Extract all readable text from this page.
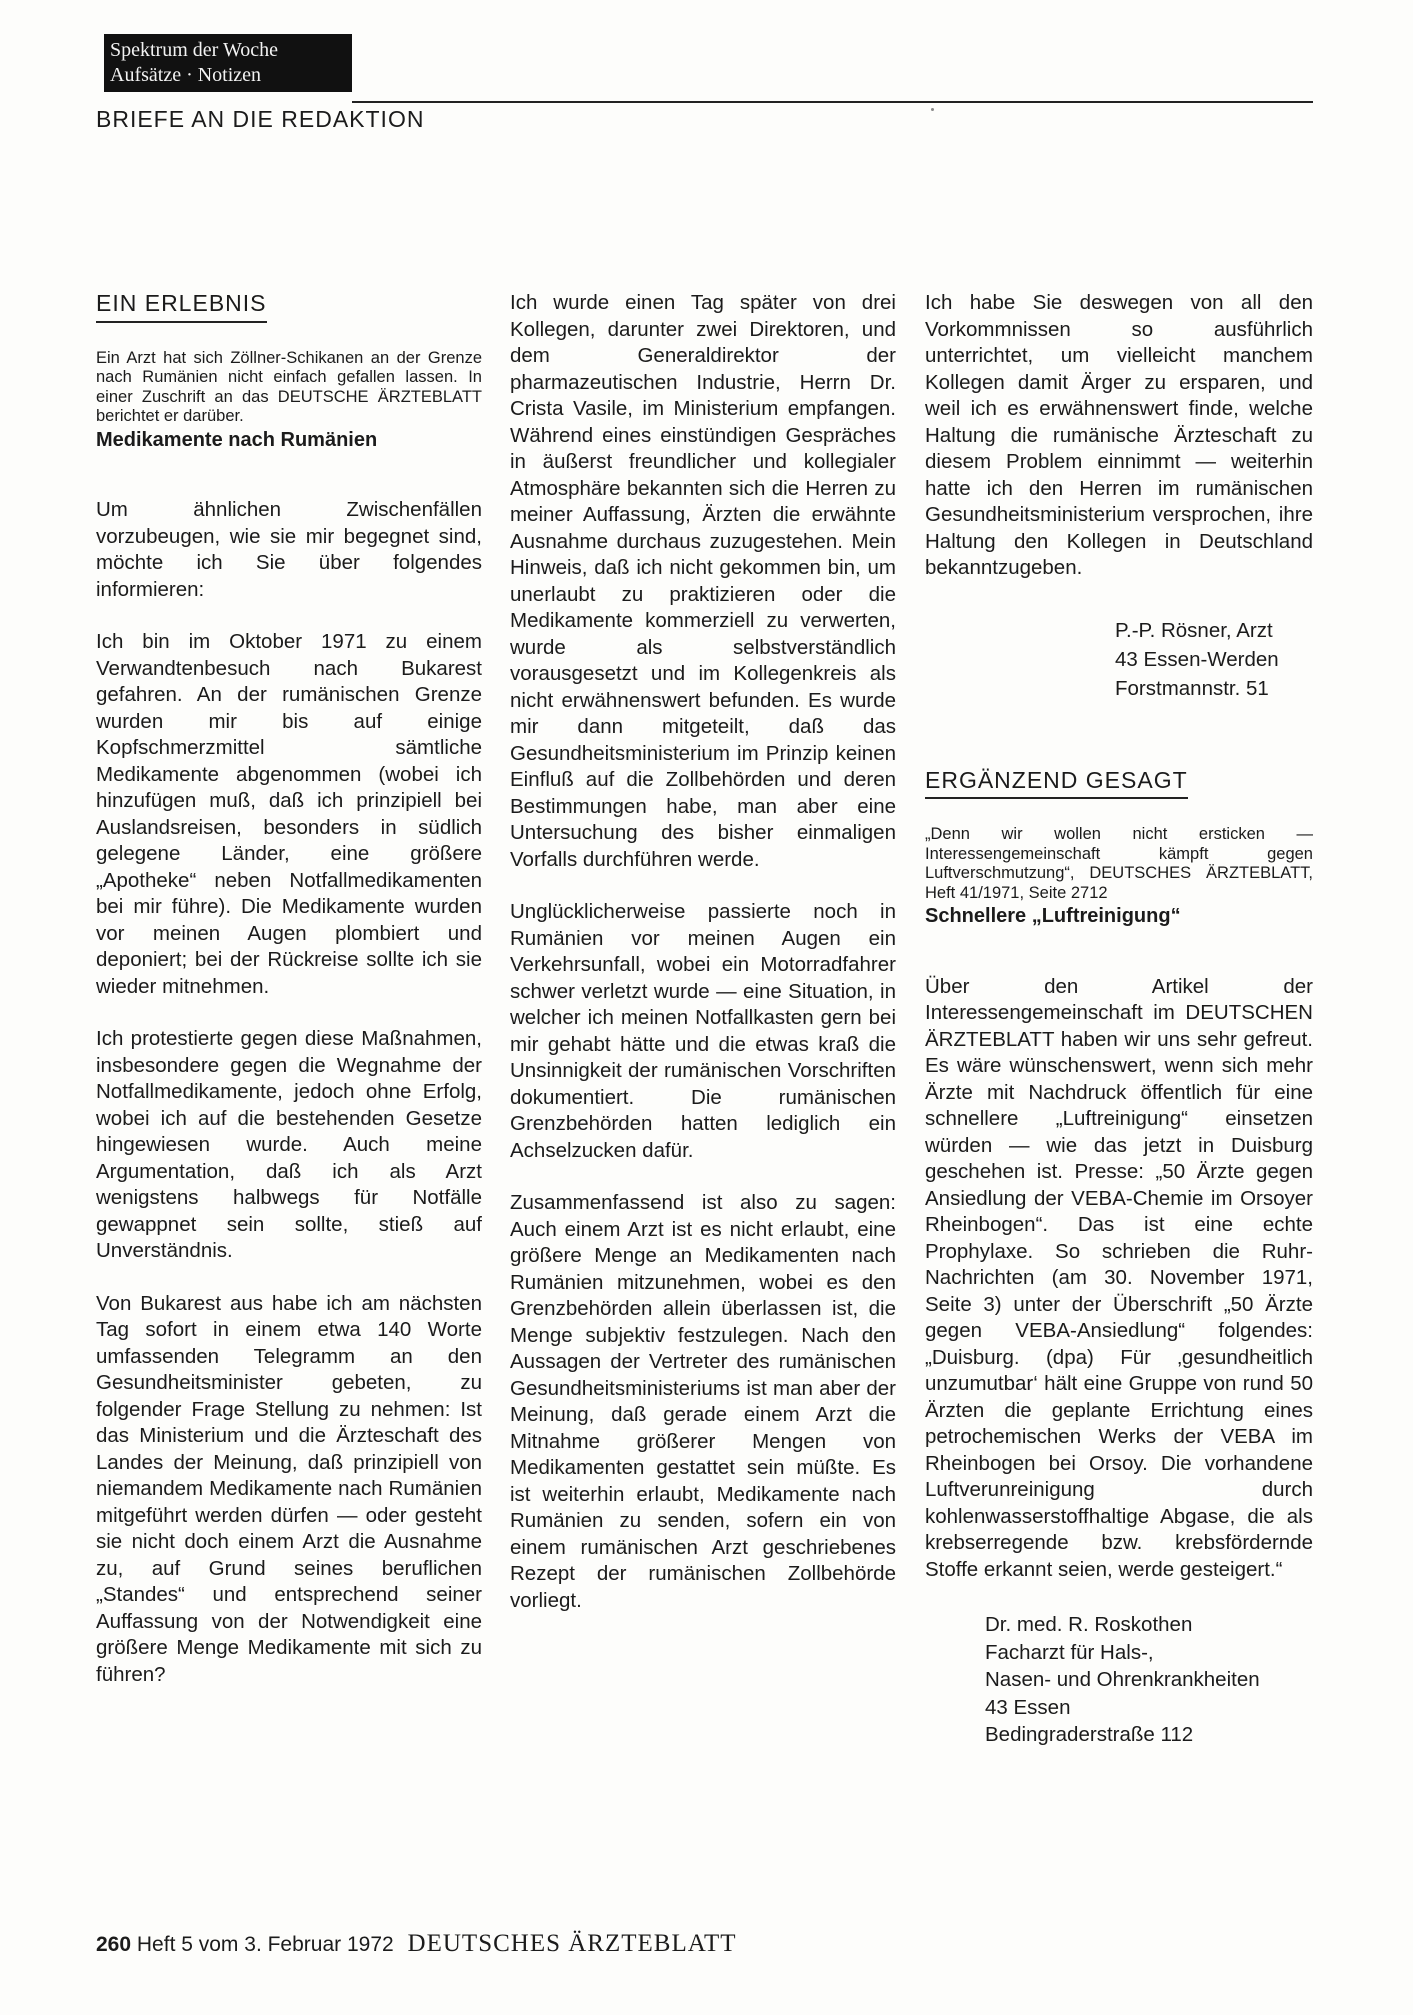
Spektrum der Woche
Aufsätze · Notizen
BRIEFE AN DIE REDAKTION
EIN ERLEBNIS

Ein Arzt hat sich Zöllner-Schikanen an der Grenze nach Rumänien nicht einfach gefallen lassen. In einer Zuschrift an das DEUTSCHE ÄRZTEBLATT berichtet er darüber.

Medikamente nach Rumänien

Um ähnlichen Zwischenfällen vorzubeugen, wie sie mir begegnet sind, möchte ich Sie über folgendes informieren:

Ich bin im Oktober 1971 zu einem Verwandtenbesuch nach Bukarest gefahren. An der rumänischen Grenze wurden mir bis auf einige Kopfschmerzmittel sämtliche Medikamente abgenommen (wobei ich hinzufügen muß, daß ich prinzipiell bei Auslandsreisen, besonders in südlich gelegene Länder, eine größere „Apotheke“ neben Notfallmedikamenten bei mir führe). Die Medikamente wurden vor meinen Augen plombiert und deponiert; bei der Rückreise sollte ich sie wieder mitnehmen.

Ich protestierte gegen diese Maßnahmen, insbesondere gegen die Wegnahme der Notfallmedikamente, jedoch ohne Erfolg, wobei ich auf die bestehenden Gesetze hingewiesen wurde. Auch meine Argumentation, daß ich als Arzt wenigstens halbwegs für Notfälle gewappnet sein sollte, stieß auf Unverständnis.

Von Bukarest aus habe ich am nächsten Tag sofort in einem etwa 140 Worte umfassenden Telegramm an den Gesundheitsminister gebeten, zu folgender Frage Stellung zu nehmen: Ist das Ministerium und die Ärzteschaft des Landes der Meinung, daß prinzipiell von niemandem Medikamente nach Rumänien mitgeführt werden dürfen — oder gesteht sie nicht doch einem Arzt die Ausnahme zu, auf Grund seines beruflichen „Standes“ und entsprechend seiner Auffassung von der Notwendigkeit eine größere Menge Medikamente mit sich zu führen?

Ich wurde einen Tag später von drei Kollegen, darunter zwei Direktoren, und dem Generaldirektor der pharmazeutischen Industrie, Herrn Dr. Crista Vasile, im Ministerium empfangen. Während eines einstündigen Gespräches in äußerst freundlicher und kollegialer Atmosphäre bekannten sich die Herren zu meiner Auffassung, Ärzten die erwähnte Ausnahme durchaus zuzugestehen. Mein Hinweis, daß ich nicht gekommen bin, um unerlaubt zu praktizieren oder die Medikamente kommerziell zu verwerten, wurde als selbstverständlich vorausgesetzt und im Kollegenkreis als nicht erwähnenswert befunden. Es wurde mir dann mitgeteilt, daß das Gesundheitsministerium im Prinzip keinen Einfluß auf die Zollbehörden und deren Bestimmungen habe, man aber eine Untersuchung des bisher einmaligen Vorfalls durchführen werde.

Unglücklicherweise passierte noch in Rumänien vor meinen Augen ein Verkehrsunfall, wobei ein Motorradfahrer schwer verletzt wurde — eine Situation, in welcher ich meinen Notfallkasten gern bei mir gehabt hätte und die etwas kraß die Unsinnigkeit der rumänischen Vorschriften dokumentiert. Die rumänischen Grenzbehörden hatten lediglich ein Achselzucken dafür.

Zusammenfassend ist also zu sagen: Auch einem Arzt ist es nicht erlaubt, eine größere Menge an Medikamenten nach Rumänien mitzunehmen, wobei es den Grenzbehörden allein überlassen ist, die Menge subjektiv festzulegen. Nach den Aussagen der Vertreter des rumänischen Gesundheitsministeriums ist man aber der Meinung, daß gerade einem Arzt die Mitnahme größerer Mengen von Medikamenten gestattet sein müßte. Es ist weiterhin erlaubt, Medikamente nach Rumänien zu senden, sofern ein von einem rumänischen Arzt geschriebenes Rezept der rumänischen Zollbehörde vorliegt.

Ich habe Sie deswegen von all den Vorkommnissen so ausführlich unterrichtet, um vielleicht manchem Kollegen damit Ärger zu ersparen, und weil ich es erwähnenswert finde, welche Haltung die rumänische Ärzteschaft zu diesem Problem einnimmt — weiterhin hatte ich den Herren im rumänischen Gesundheitsministerium versprochen, ihre Haltung den Kollegen in Deutschland bekanntzugeben.

P.-P. Rösner, Arzt
43 Essen-Werden
Forstmannstr. 51
ERGÄNZEND GESAGT

„Denn wir wollen nicht ersticken — Interessengemeinschaft kämpft gegen Luftverschmutzung“, DEUTSCHES ÄRZTEBLATT, Heft 41/1971, Seite 2712

Schnellere „Luftreinigung“

Über den Artikel der Interessengemeinschaft im DEUTSCHEN ÄRZTEBLATT haben wir uns sehr gefreut. Es wäre wünschenswert, wenn sich mehr Ärzte mit Nachdruck öffentlich für eine schnellere „Luftreinigung“ einsetzen würden — wie das jetzt in Duisburg geschehen ist. Presse: „50 Ärzte gegen Ansiedlung der VEBA-Chemie im Orsoyer Rheinbogen“. Das ist eine echte Prophylaxe. So schrieben die Ruhr-Nachrichten (am 30. November 1971, Seite 3) unter der Überschrift „50 Ärzte gegen VEBA-Ansiedlung“ folgendes: „Duisburg. (dpa) Für ‚gesundheitlich unzumutbar‘ hält eine Gruppe von rund 50 Ärzten die geplante Errichtung eines petrochemischen Werks der VEBA im Rheinbogen bei Orsoy. Die vorhandene Luftverunreinigung durch kohlenwasserstoffhaltige Abgase, die als krebserregende bzw. krebsfördernde Stoffe erkannt seien, werde gesteigert.“

Dr. med. R. Roskothen
Facharzt für Hals-,
Nasen- und Ohrenkrankheiten
43 Essen
Bedingraderstraße 112
260 Heft 5 vom 3. Februar 1972 DEUTSCHES ÄRZTEBLATT
